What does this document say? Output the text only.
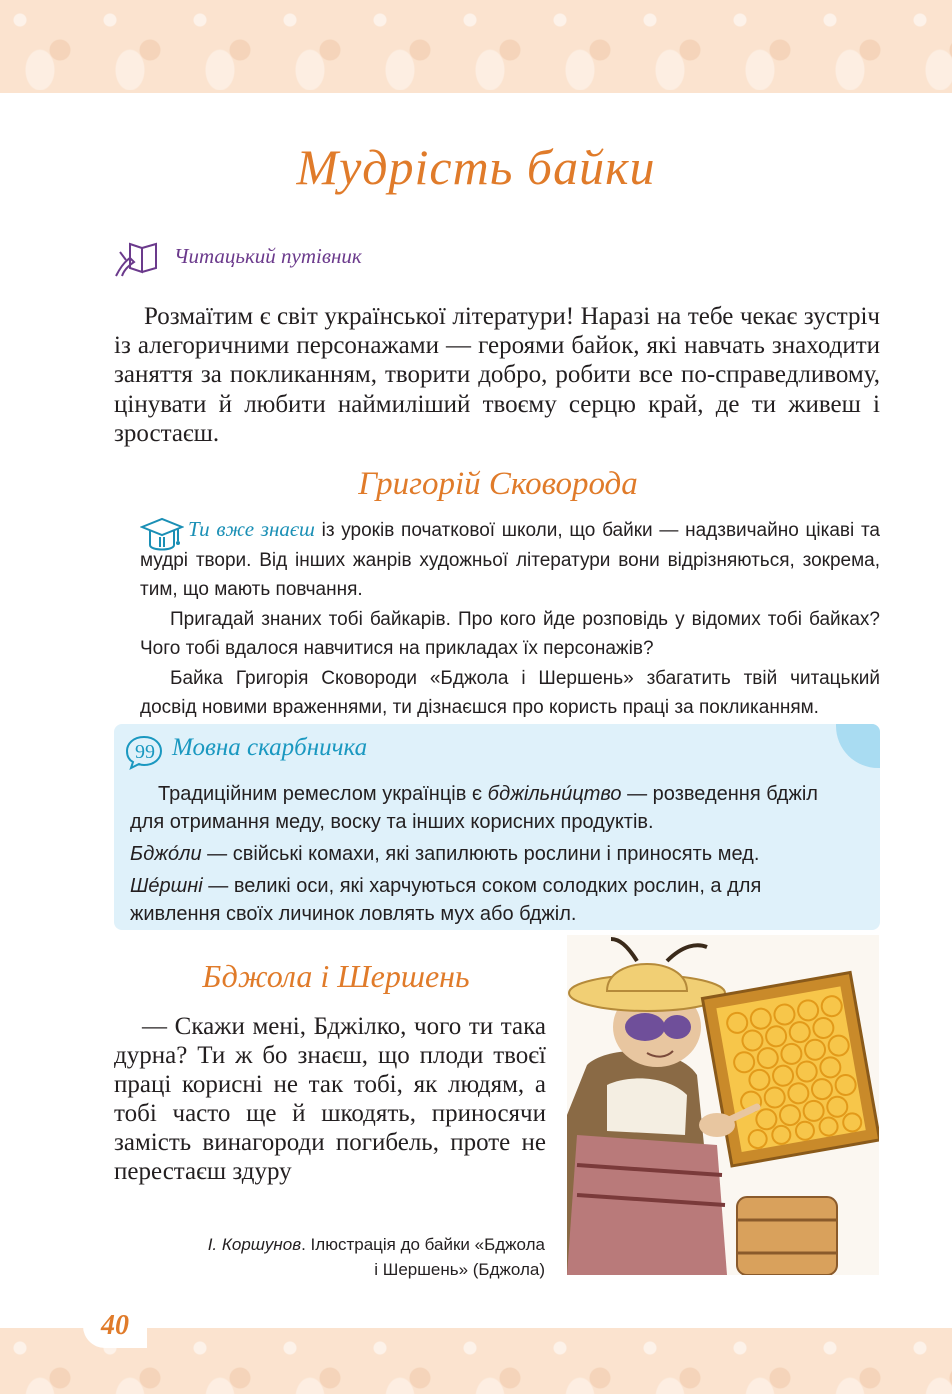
Мудрість байки
Читацький путівник

Розмаїтим є світ української літератури! Наразі на тебе чекає зустріч із алегоричними персонажами — героями байок, які навчать знаходити заняття за покликанням, творити добро, робити все по-справедливому, цінувати й любити наймиліший твоєму серцю край, де ти живеш і зростаєш.

Григорій Сковорода

Ти вже знаєш із уроків початкової школи, що байки — надзвичайно цікаві та мудрі твори. Від інших жанрів художньої літератури вони відрізняються, зокрема, тим, що мають повчання.

Пригадай знаних тобі байкарів. Про кого йде розповідь у відомих тобі байках? Чого тобі вдалося навчитися на прикладах їх персонажів?

Байка Григорія Сковороди «Бджола і Шершень» збагатить твій читацький досвід новими враженнями, ти дізнаєшся про користь праці за покликанням.

99 Мовна скарбничка

Традиційним ремеслом українців є бджільни́цтво — розведення бджіл для отримання меду, воску та інших корисних продуктів.

Бджо́ли — свійські комахи, які запилюють рослини і приносять мед.

Ше́ршні — великі оси, які харчуються соком солодких рослин, а для живлення своїх личинок ловлять мух або бджіл.

Бджола і Шершень

— Скажи мені, Бджілко, чого ти така дурна? Ти ж бо знаєш, що плоди твоєї праці корисні не так тобі, як людям, а тобі часто ще й шкодять, приносячи замість винагороди погибель, проте не перестаєш здуру

І. Коршунов. Ілюстрація до байки «Бджола і Шершень» (Бджола)

40
